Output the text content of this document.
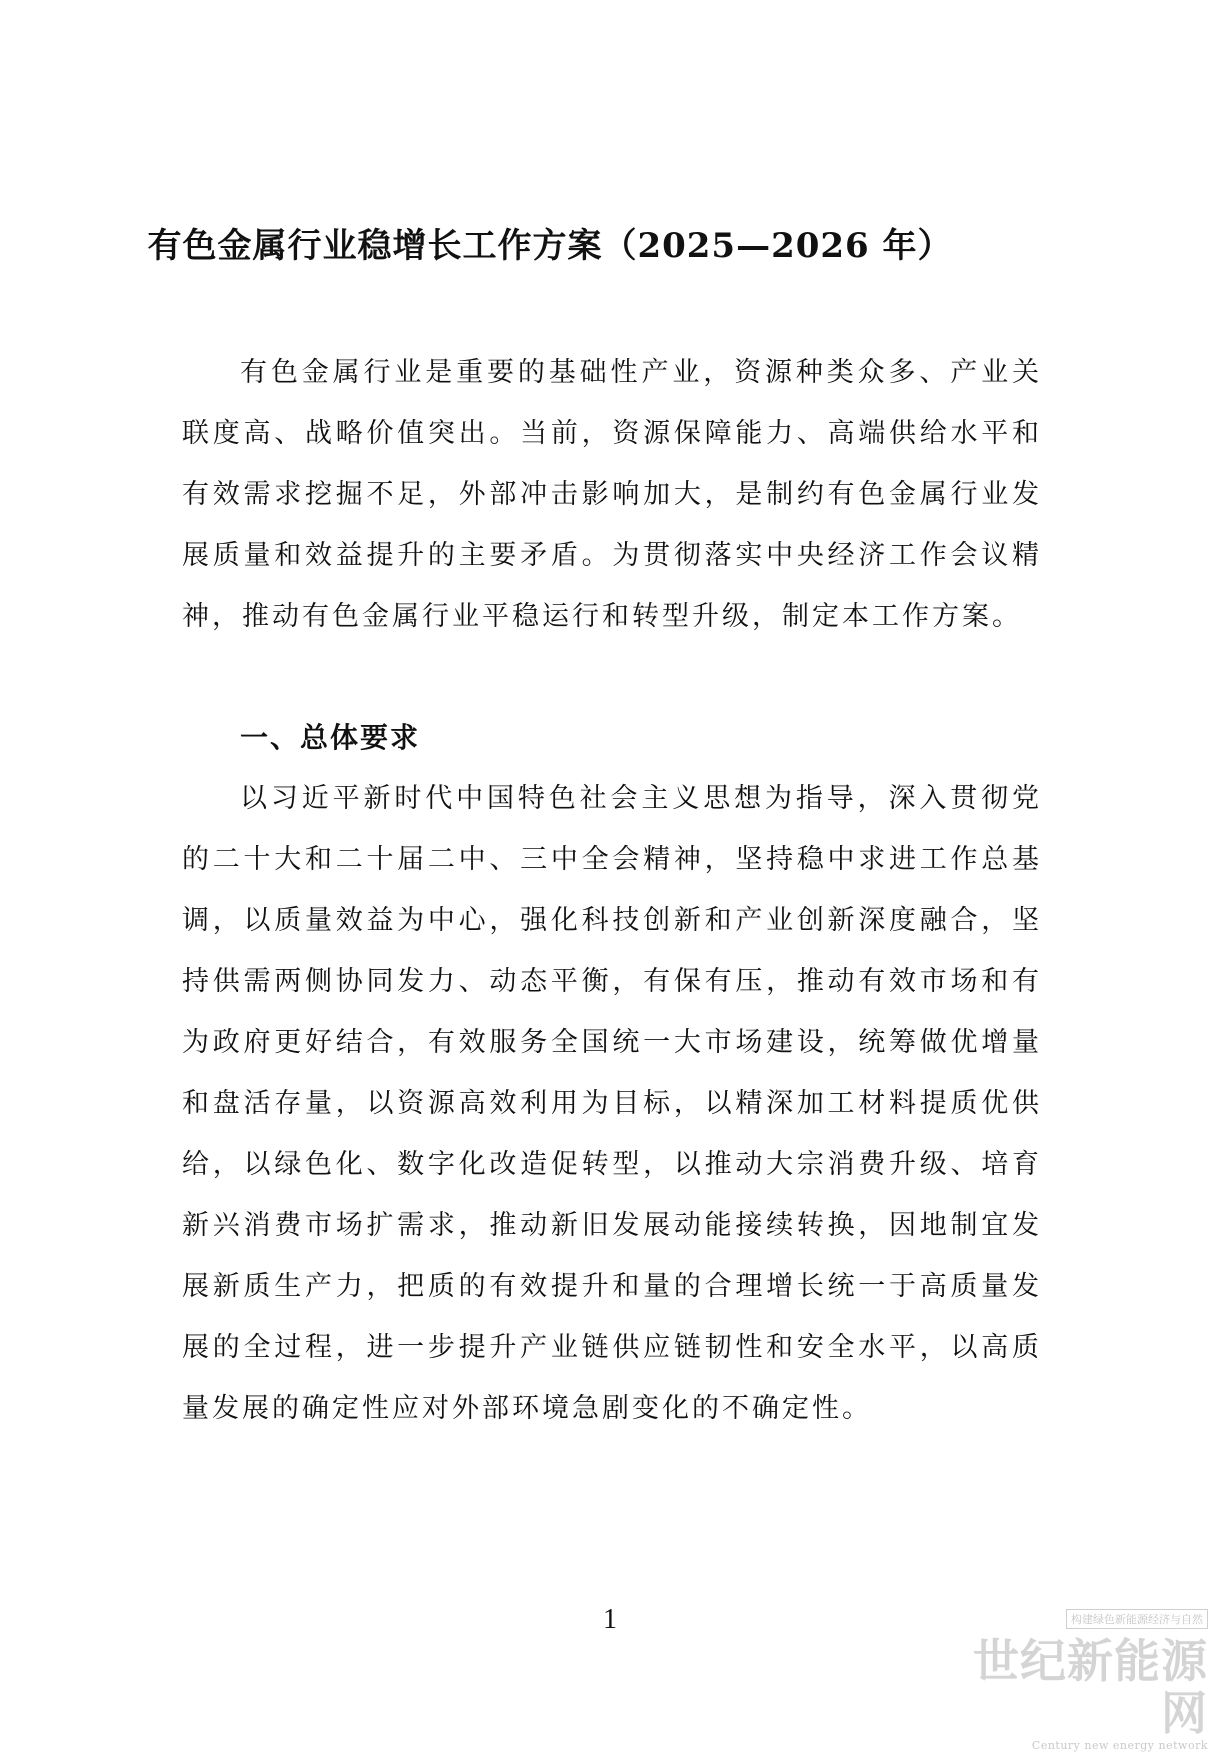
有色金属行业稳增长工作方案（2025—2026 年）

有色金属行业是重要的基础性产业，资源种类众多、产业关联度高、战略价值突出。当前，资源保障能力、高端供给水平和有效需求挖掘不足，外部冲击影响加大，是制约有色金属行业发展质量和效益提升的主要矛盾。为贯彻落实中央经济工作会议精神，推动有色金属行业平稳运行和转型升级，制定本工作方案。

一、总体要求

以习近平新时代中国特色社会主义思想为指导，深入贯彻党的二十大和二十届二中、三中全会精神，坚持稳中求进工作总基调，以质量效益为中心，强化科技创新和产业创新深度融合，坚持供需两侧协同发力、动态平衡，有保有压，推动有效市场和有为政府更好结合，有效服务全国统一大市场建设，统筹做优增量和盘活存量，以资源高效利用为目标，以精深加工材料提质优供给，以绿色化、数字化改造促转型，以推动大宗消费升级、培育新兴消费市场扩需求，推动新旧发展动能接续转换，因地制宜发展新质生产力，把质的有效提升和量的合理增长统一于高质量发展的全过程，进一步提升产业链供应链韧性和安全水平，以高质量发展的确定性应对外部环境急剧变化的不确定性。

1	构建绿色新能源经济与自然
世纪新能源网
Century new energy network
